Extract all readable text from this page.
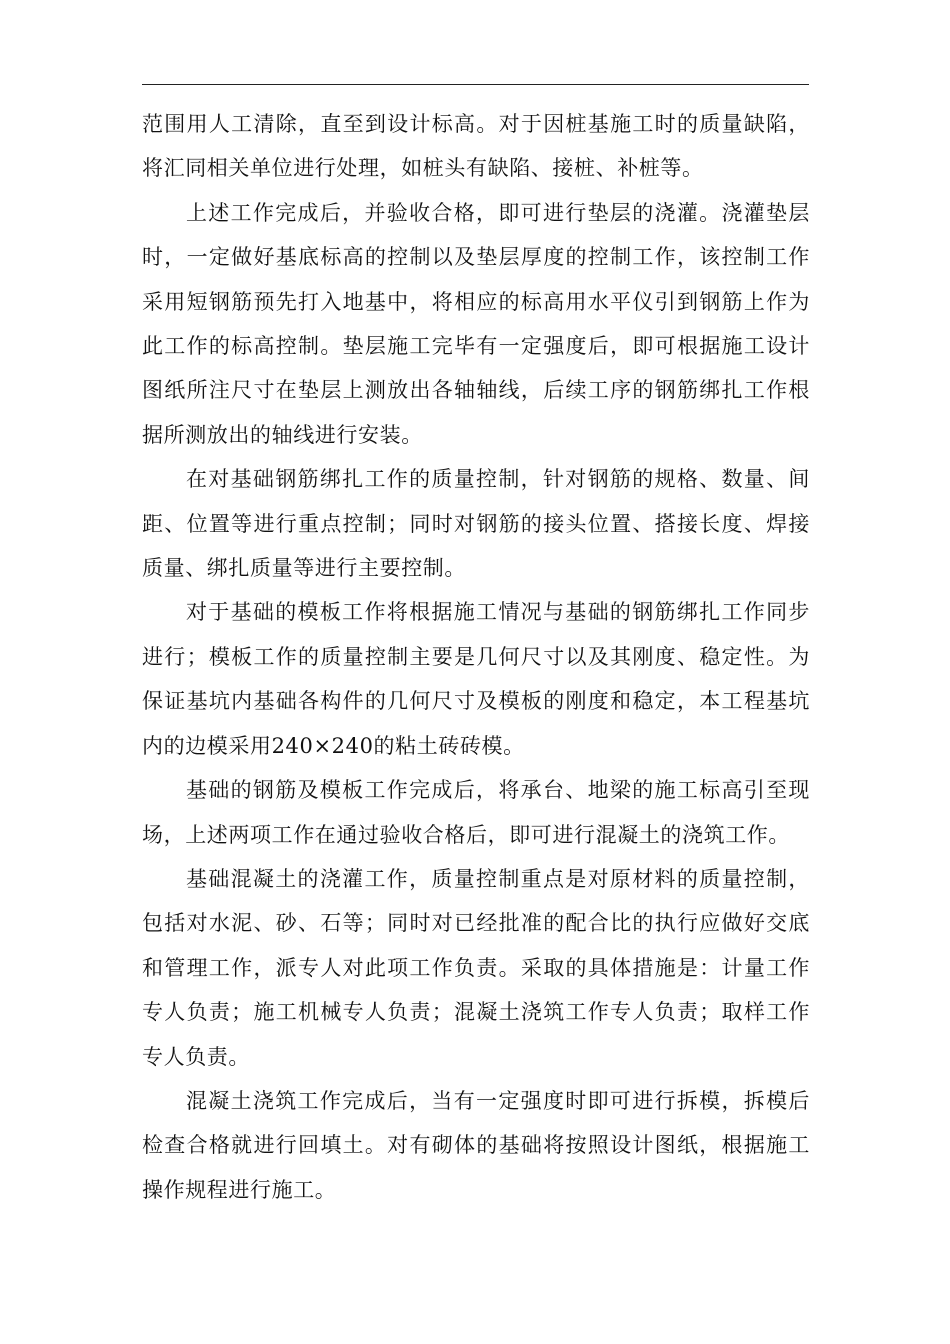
范围用人工清除，直至到设计标高。对于因桩基施工时的质量缺陷，将汇同相关单位进行处理，如桩头有缺陷、接桩、补桩等。

上述工作完成后，并验收合格，即可进行垫层的浇灌。浇灌垫层时，一定做好基底标高的控制以及垫层厚度的控制工作，该控制工作采用短钢筋预先打入地基中，将相应的标高用水平仪引到钢筋上作为此工作的标高控制。垫层施工完毕有一定强度后，即可根据施工设计图纸所注尺寸在垫层上测放出各轴轴线，后续工序的钢筋绑扎工作根据所测放出的轴线进行安装。

在对基础钢筋绑扎工作的质量控制，针对钢筋的规格、数量、间距、位置等进行重点控制；同时对钢筋的接头位置、搭接长度、焊接质量、绑扎质量等进行主要控制。

对于基础的模板工作将根据施工情况与基础的钢筋绑扎工作同步进行；模板工作的质量控制主要是几何尺寸以及其刚度、稳定性。为保证基坑内基础各构件的几何尺寸及模板的刚度和稳定，本工程基坑内的边模采用240×240的粘土砖砖模。

基础的钢筋及模板工作完成后，将承台、地梁的施工标高引至现场，上述两项工作在通过验收合格后，即可进行混凝土的浇筑工作。

基础混凝土的浇灌工作，质量控制重点是对原材料的质量控制，包括对水泥、砂、石等；同时对已经批准的配合比的执行应做好交底和管理工作，派专人对此项工作负责。采取的具体措施是：计量工作专人负责；施工机械专人负责；混凝土浇筑工作专人负责；取样工作专人负责。

混凝土浇筑工作完成后，当有一定强度时即可进行拆模，拆模后检查合格就进行回填土。对有砌体的基础将按照设计图纸，根据施工操作规程进行施工。
